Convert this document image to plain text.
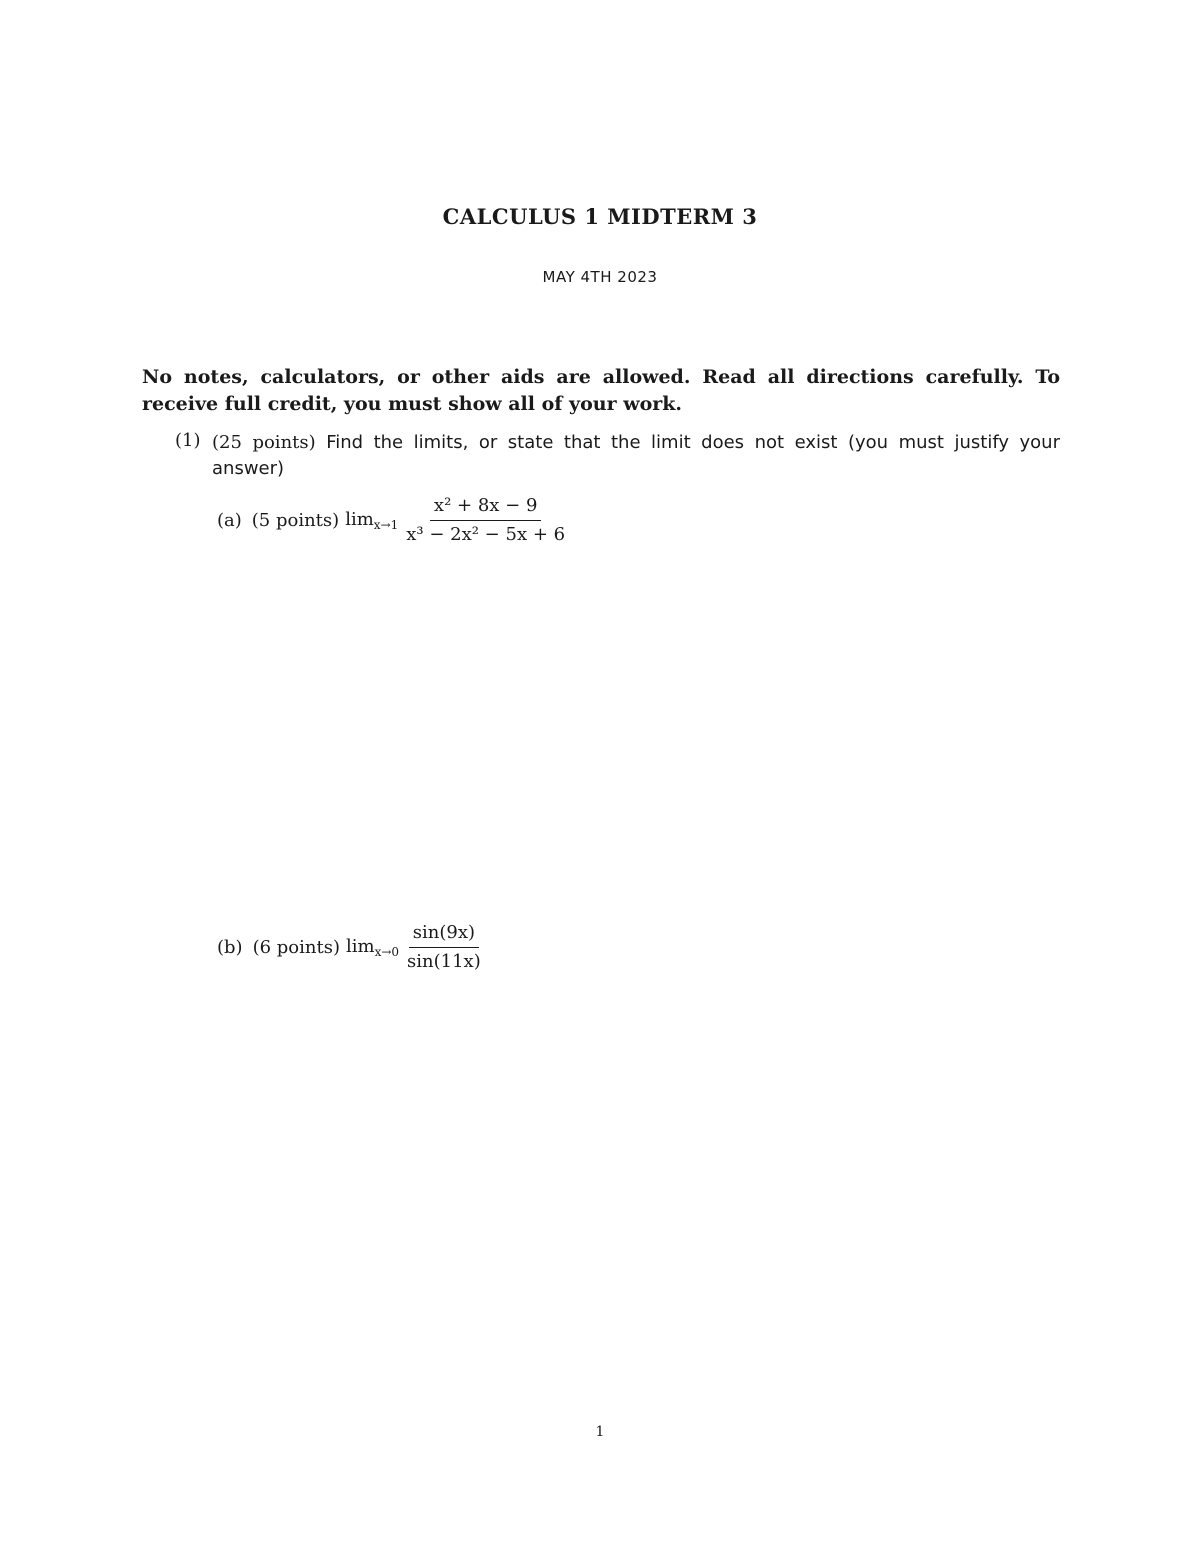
CALCULUS 1 MIDTERM 3
MAY 4TH 2023
No notes, calculators, or other aids are allowed. Read all directions carefully. To receive full credit, you must show all of your work.
(1) (25 points) Find the limits, or state that the limit does not exist (you must justify your answer)
(a) (5 points) $\lim_{x\to 1} \frac{\text{x² + 8x − 9}}{\text{x³ − 2x² − 5x + 6}}$
(b) (6 points) $\lim_{x\to 0} \frac{\sin(9x)}{\sin(11x)}$
1
